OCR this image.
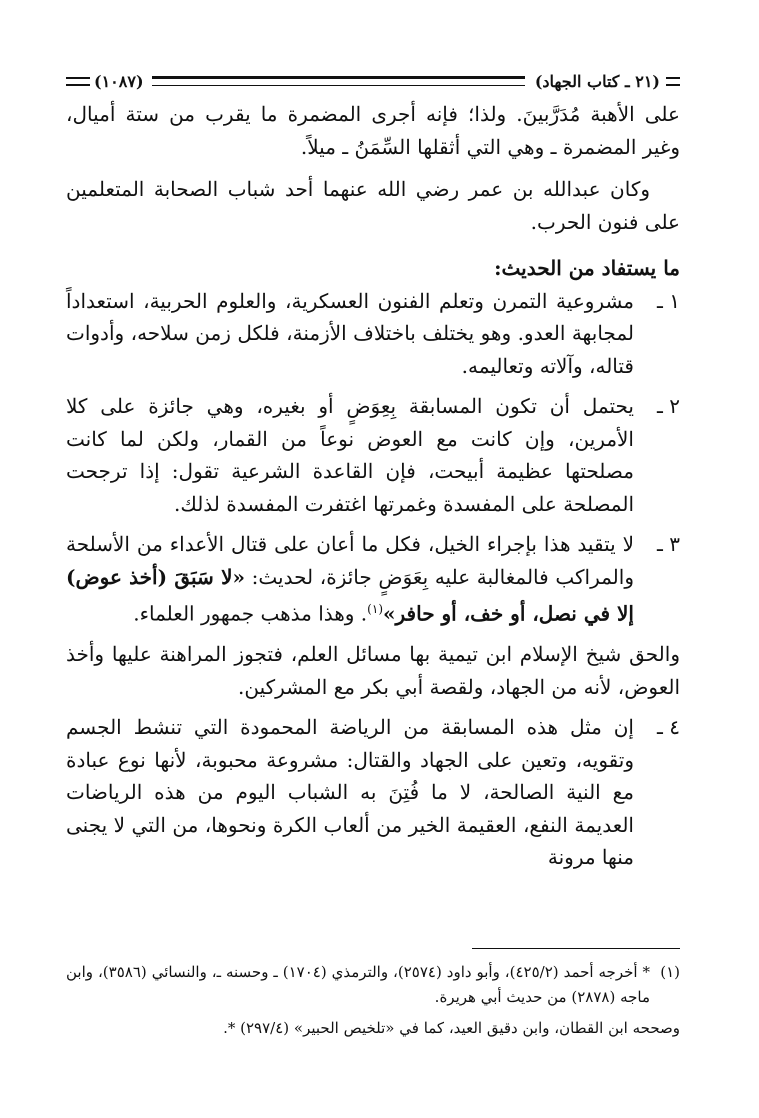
(٢١ ـ كتاب الجهاد)
(١٠٨٧)

على الأهبة مُدَرَّبينَ. ولذا؛ فإنه أجرى المضمرة ما يقرب من ستة أميال، وغير المضمرة ـ وهي التي أثقلها السِّمَنُ ـ ميلاً.

وكان عبدالله بن عمر رضي الله عنهما أحد شباب الصحابة المتعلمين على فنون الحرب.

ما يستفاد من الحديث:

١ ـ
مشروعية التمرن وتعلم الفنون العسكرية، والعلوم الحربية، استعداداً لمجابهة العدو. وهو يختلف باختلاف الأزمنة، فلكل زمن سلاحه، وأدوات قتاله، وآلاته وتعاليمه.
٢ ـ
يحتمل أن تكون المسابقة بِعِوَضٍ أو بغيره، وهي جائزة على كلا الأمرين، وإن كانت مع العوض نوعاً من القمار، ولكن لما كانت مصلحتها عظيمة أبيحت، فإن القاعدة الشرعية تقول: إذا ترجحت المصلحة على المفسدة وغمرتها اغتفرت المفسدة لذلك.
٣ ـ
لا يتقيد هذا بإجراء الخيل، فكل ما أعان على قتال الأعداء من الأسلحة والمراكب فالمغالبة عليه بِعَوَضٍ جائزة، لحديث: «لا سَبَقَ (أخذ عوض) إلا في نصل، أو خف، أو حافر»$^{(١)}$. وهذا مذهب جمهور العلماء.

والحق شيخ الإسلام ابن تيمية بها مسائل العلم، فتجوز المراهنة عليها وأخذ العوض، لأنه من الجهاد، ولقصة أبي بكر مع المشركين.

٤ ـ
إن مثل هذه المسابقة من الرياضة المحمودة التي تنشط الجسم وتقويه، وتعين على الجهاد والقتال: مشروعة محبوبة، لأنها نوع عبادة مع النية الصالحة، لا ما فُتِنَ به الشباب اليوم من هذه الرياضات العديمة النفع، العقيمة الخير من ألعاب الكرة ونحوها، من التي لا يجنى منها مرونة
(١)
* أخرجه أحمد (٤٢٥/٢)، وأبو داود (٢٥٧٤)، والترمذي (١٧٠٤) ـ وحسنه ـ، والنسائي (٣٥٨٦)، وابن ماجه (٢٨٧٨) من حديث أبي هريرة.
وصححه ابن القطان، وابن دقيق العيد، كما في «تلخيص الحبير» (٢٩٧/٤) *.
